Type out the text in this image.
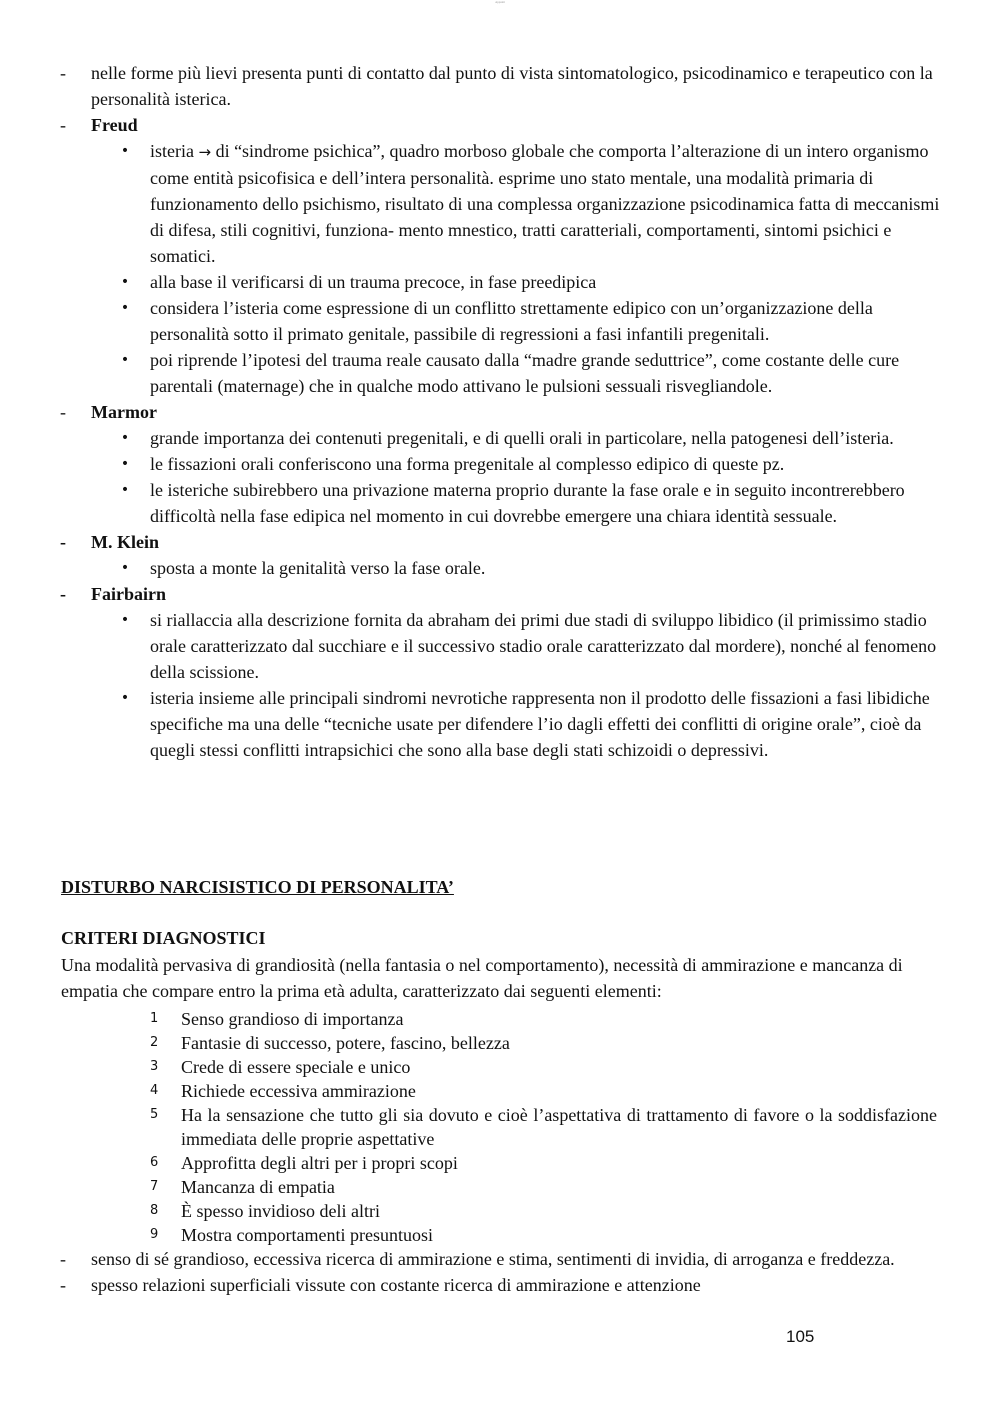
Appunti
-	nelle forme più lievi presenta punti di contatto dal punto di vista sintomatologico, psicodinamico e terapeutico con la personalità isterica.
-	Freud
• isteria → di “sindrome psichica”, quadro morboso globale che comporta l’alterazione di un intero organismo come entità psicofisica e dell’intera personalità. esprime uno stato mentale, una modalità primaria di funzionamento dello psichismo, risultato di una complessa organizzazione psicodinamica fatta di meccanismi di difesa, stili cognitivi, funziona- mento mnestico, tratti caratteriali, comportamenti, sintomi psichici e somatici.
• alla base il verificarsi di un trauma precoce, in fase preedipica
• considera l’isteria come espressione di un conflitto strettamente edipico con un’organizzazione della personalità sotto il primato genitale, passibile di regressioni a fasi infantili pregenitali.
• poi riprende l’ipotesi del trauma reale causato dalla “madre grande seduttrice”, come costante delle cure parentali (maternage) che in qualche modo attivano le pulsioni sessuali risvegliandole.
-	Marmor
• grande importanza dei contenuti pregenitali, e di quelli orali in particolare, nella patogenesi dell’isteria.
• le fissazioni orali conferiscono una forma pregenitale al complesso edipico di queste pz.
• le isteriche subirebbero una privazione materna proprio durante la fase orale e in seguito incontrerebbero difficoltà nella fase edipica nel momento in cui dovrebbe emergere una chiara identità sessuale.
-	M. Klein
• sposta a monte la genitalità verso la fase orale.
-	Fairbairn
• si riallaccia alla descrizione fornita da abraham dei primi due stadi di sviluppo libidico (il primissimo stadio orale caratterizzato dal succhiare e il successivo stadio orale caratterizzato dal mordere), nonché al fenomeno della scissione.
• isteria insieme alle principali sindromi nevrotiche rappresenta non il prodotto delle fissazioni a fasi libidiche specifiche ma una delle “tecniche usate per difendere l’io dagli effetti dei conflitti di origine orale”, cioè da quegli stessi conflitti intrapsichici che sono alla base degli stati schizoidi o depressivi.
DISTURBO NARCISISTICO DI PERSONALITA’
CRITERI DIAGNOSTICI
Una modalità pervasiva di grandiosità (nella fantasia o nel comportamento), necessità di ammirazione e mancanza di empatia che compare entro la prima età adulta, caratterizzato dai seguenti elementi:
1 Senso grandioso di importanza
2 Fantasie di successo, potere, fascino, bellezza
3 Crede di essere speciale e unico
4 Richiede eccessiva ammirazione
5 Ha la sensazione che tutto gli sia dovuto e cioè l’aspettativa di trattamento di favore o la soddisfazione immediata delle proprie aspettative
6 Approfitta degli altri per i propri scopi
7 Mancanza di empatia
8 È spesso invidioso deli altri
9 Mostra comportamenti presuntuosi
-	senso di sé grandioso, eccessiva ricerca di ammirazione e stima, sentimenti di invidia, di arroganza e freddezza.
-	spesso relazioni superficiali vissute con costante ricerca di ammirazione e attenzione
105
